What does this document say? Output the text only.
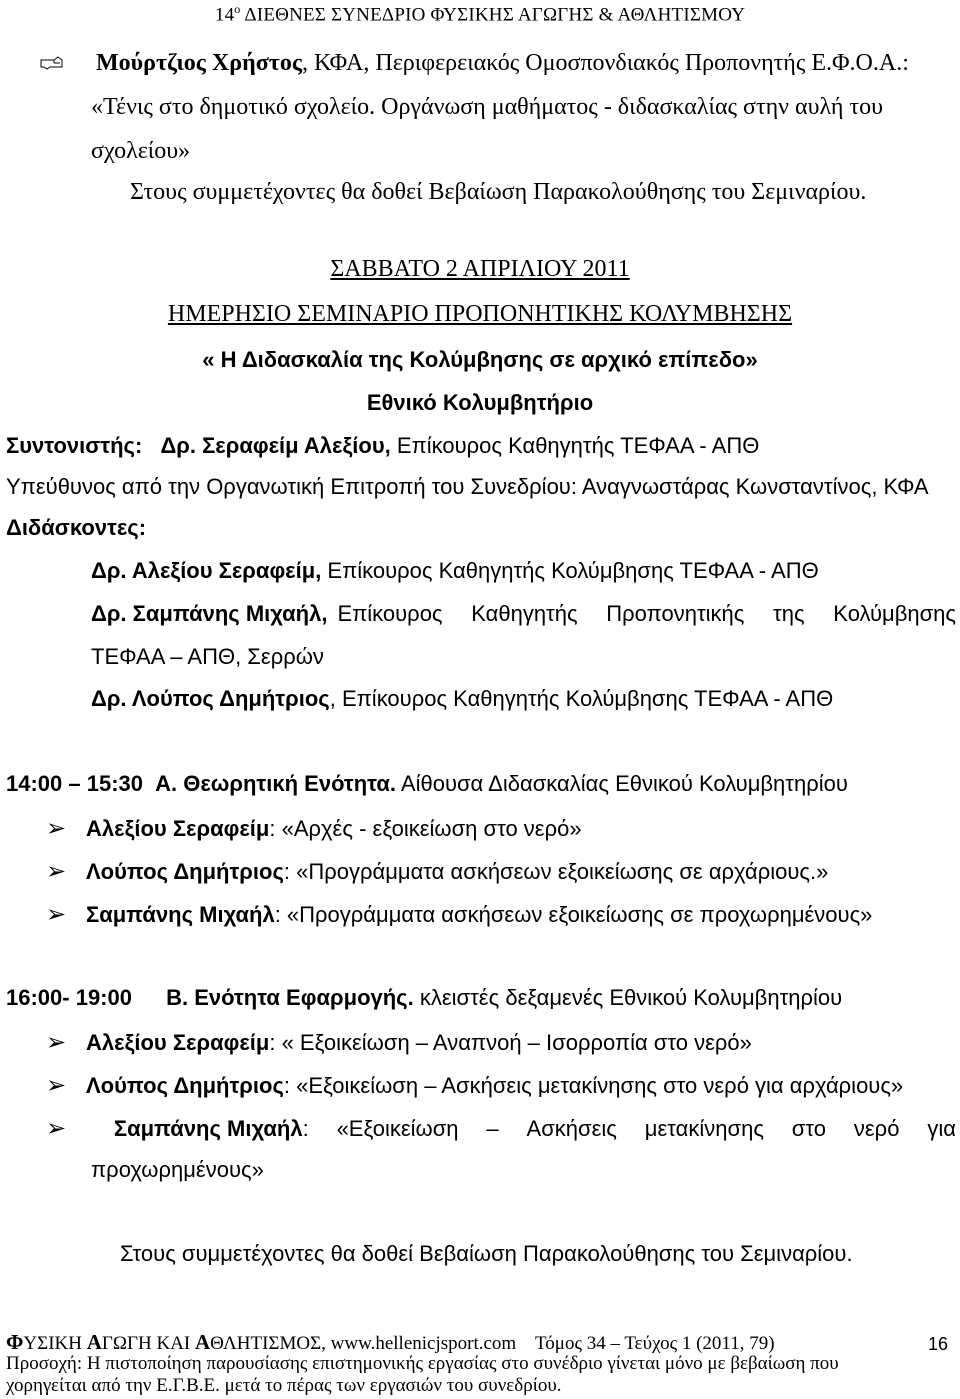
$14^o$ ΔΙΕΘΝΕΣ ΣΥΝΕΔΡΙΟ ΦΥΣΙΚΗΣ ΑΓΩΓΗΣ & ΑΘΛΗΤΙΣΜΟΥ
Μούρτζιος Χρήστος, ΚΦΑ, Περιφερειακός Ομοσπονδιακός Προπονητής Ε.Φ.Ο.Α.:
«Τένις στο δημοτικό σχολείο. Οργάνωση μαθήματος - διδασκαλίας στην αυλή του
σχολείου»
Στους συμμετέχοντες θα δοθεί Βεβαίωση Παρακολούθησης του Σεμιναρίου.
ΣΑΒΒΑΤΟ 2 ΑΠΡΙΛΙΟΥ 2011
ΗΜΕΡΗΣΙΟ ΣΕΜΙΝΑΡΙΟ ΠΡΟΠΟΝΗΤΙΚΗΣ ΚΟΛΥΜΒΗΣΗΣ
« Η Διδασκαλία της Κολύμβησης σε αρχικό επίπεδο»
Εθνικό Κολυμβητήριο
Συντονιστής: Δρ. Σεραφείμ Αλεξίου, Επίκουρος Καθηγητής ΤΕΦΑΑ - ΑΠΘ
Υπεύθυνος από την Οργανωτική Επιτροπή του Συνεδρίου: Αναγνωστάρας Κωνσταντίνος, ΚΦΑ
Διδάσκοντες:
Δρ. Αλεξίου Σεραφείμ, Επίκουρος Καθηγητής Κολύμβησης ΤΕΦΑΑ - ΑΠΘ
Δρ. Σαμπάνης Μιχαήλ, Επίκουρος Καθηγητής Προπονητικής της Κολύμβησης
ΤΕΦΑΑ – ΑΠΘ, Σερρών
Δρ. Λούπος Δημήτριος, Επίκουρος Καθηγητής Κολύμβησης ΤΕΦΑΑ - ΑΠΘ
14:00 – 15:30 Α. Θεωρητική Ενότητα. Αίθουσα Διδασκαλίας Εθνικού Κολυμβητηρίου
➢ Αλεξίου Σεραφείμ: «Αρχές - εξοικείωση στο νερό»
➢ Λούπος Δημήτριος: «Προγράμματα ασκήσεων εξοικείωσης σε αρχάριους.»
➢ Σαμπάνης Μιχαήλ: «Προγράμματα ασκήσεων εξοικείωσης σε προχωρημένους»
16:00- 19:00 Β. Ενότητα Εφαρμογής. κλειστές δεξαμενές Εθνικού Κολυμβητηρίου
➢ Αλεξίου Σεραφείμ: « Εξοικείωση – Αναπνοή – Ισορροπία στο νερό»
➢ Λούπος Δημήτριος: «Εξοικείωση – Ασκήσεις μετακίνησης στο νερό για αρχάριους»
➢	Σαμπάνης Μιχαήλ: «Εξοικείωση – Ασκήσεις μετακίνησης στο νερό για
προχωρημένους»
Στους συμμετέχοντες θα δοθεί Βεβαίωση Παρακολούθησης του Σεμιναρίου.
ΦΥΣΙΚΗ ΑΓΩΓΗ ΚΑΙ ΑΘΛΗΤΙΣΜΟΣ, www.hellenicjsport.com Τόμος 34 – Τεύχος 1 (2011, 79)	16
Προσοχή: Η πιστοποίηση παρουσίασης επιστημονικής εργασίας στο συνέδριο γίνεται μόνο με βεβαίωση που
χορηγείται από την Ε.Γ.Β.Ε. μετά το πέρας των εργασιών του συνεδρίου.
